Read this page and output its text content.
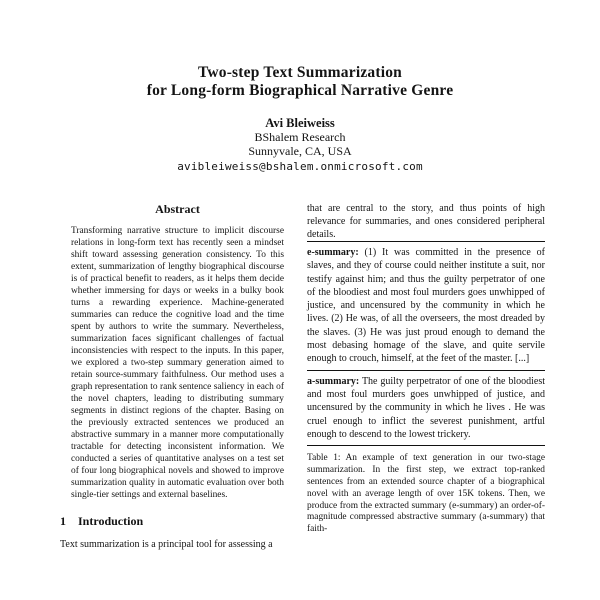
Two-step Text Summarization
for Long-form Biographical Narrative Genre
Avi Bleiweiss
BShalem Research
Sunnyvale, CA, USA
avibleiweiss@bshalem.onmicrosoft.com
Abstract

Transforming narrative structure to implicit discourse relations in long-form text has recently seen a mindset shift toward assessing generation consistency. To this extent, summarization of lengthy biographical discourse is of practical benefit to readers, as it helps them decide whether immersing for days or weeks in a bulky book turns a rewarding experience. Machine-generated summaries can reduce the cognitive load and the time spent by authors to write the summary. Nevertheless, summarization faces significant challenges of factual inconsistencies with respect to the inputs. In this paper, we explored a two-step summary generation aimed to retain source-summary faithfulness. Our method uses a graph representation to rank sentence saliency in each of the novel chapters, leading to distributing summary segments in distinct regions of the chapter. Basing on the previously extracted sentences we produced an abstractive summary in a manner more computationally tractable for detecting inconsistent information. We conducted a series of quantitative analyses on a test set of four long biographical novels and showed to improve summarization quality in automatic evaluation over both single-tier settings and external baselines.

1 Introduction

Text summarization is a principal tool for assessing a

that are central to the story, and thus points of high relevance for summaries, and ones considered peripheral details.

e-summary: (1) It was committed in the presence of slaves, and they of course could neither institute a suit, nor testify against him; and thus the guilty perpetrator of one of the bloodiest and most foul murders goes unwhipped of justice, and uncensured by the community in which he lives. (2) He was, of all the overseers, the most dreaded by the slaves. (3) He was just proud enough to demand the most debasing homage of the slave, and quite servile enough to crouch, himself, at the feet of the master. [...]

a-summary: The guilty perpetrator of one of the bloodiest and most foul murders goes unwhipped of justice, and uncensured by the community in which he lives . He was cruel enough to inflict the severest punishment, artful enough to descend to the lowest trickery.

Table 1: An example of text generation in our two-stage summarization. In the first step, we extract top-ranked sentences from an extended source chapter of a biographical novel with an average length of over 15K tokens. Then, we produce from the extracted summary (e-summary) an order-of-magnitude compressed abstractive summary (a-summary) that faith-
